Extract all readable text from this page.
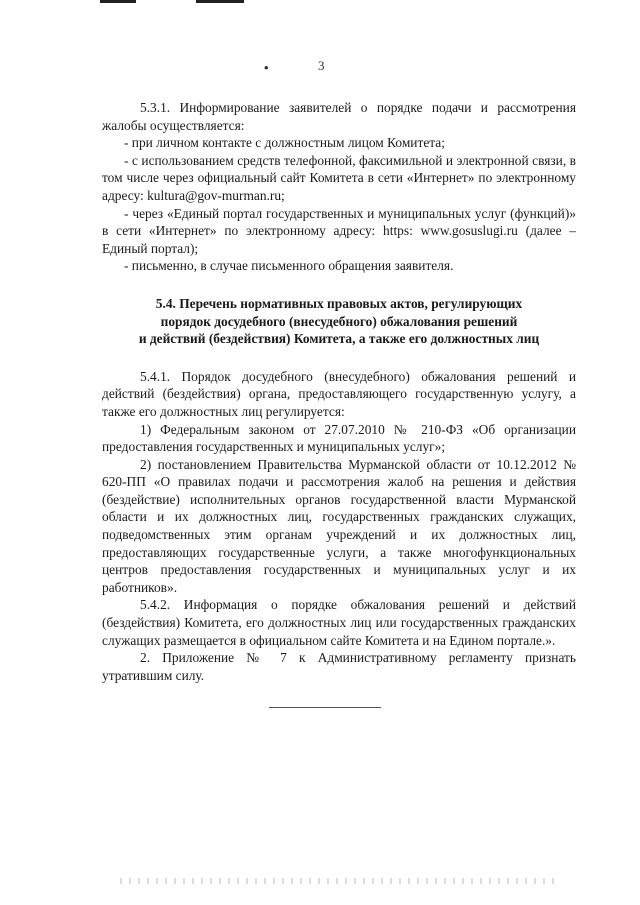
•	3

5.3.1. Информирование заявителей о порядке подачи и рассмотрения жалобы осуществляется:

- при личном контакте с должностным лицом Комитета;

- с использованием средств телефонной, факсимильной и электронной связи, в том числе через официальный сайт Комитета в сети «Интернет» по электронному адресу: kultura@gov-murman.ru;

- через «Единый портал государственных и муниципальных услуг (функций)» в сети «Интернет» по электронному адресу: https: www.gosuslugi.ru (далее – Единый портал);

- письменно, в случае письменного обращения заявителя.

5.4. Перечень нормативных правовых актов, регулирующих

порядок досудебного (внесудебного) обжалования решений

и действий (бездействия) Комитета, а также его должностных лиц

5.4.1. Порядок досудебного (внесудебного) обжалования решений и действий (бездействия) органа, предоставляющего государственную услугу, а также его должностных лиц регулируется:

1) Федеральным законом от 27.07.2010 № 210-ФЗ «Об организации предоставления государственных и муниципальных услуг»;

2) постановлением Правительства Мурманской области от 10.12.2012 № 620-ПП «О правилах подачи и рассмотрения жалоб на решения и действия (бездействие) исполнительных органов государственной власти Мурманской области и их должностных лиц, государственных гражданских служащих, подведомственных этим органам учреждений и их должностных лиц, предоставляющих государственные услуги, а также многофункциональных центров предоставления государственных и муниципальных услуг и их работников».

5.4.2. Информация о порядке обжалования решений и действий (бездействия) Комитета, его должностных лиц или государственных гражданских служащих размещается в официальном сайте Комитета и на Едином портале.».

2. Приложение № 7 к Административному регламенту признать утратившим силу.
